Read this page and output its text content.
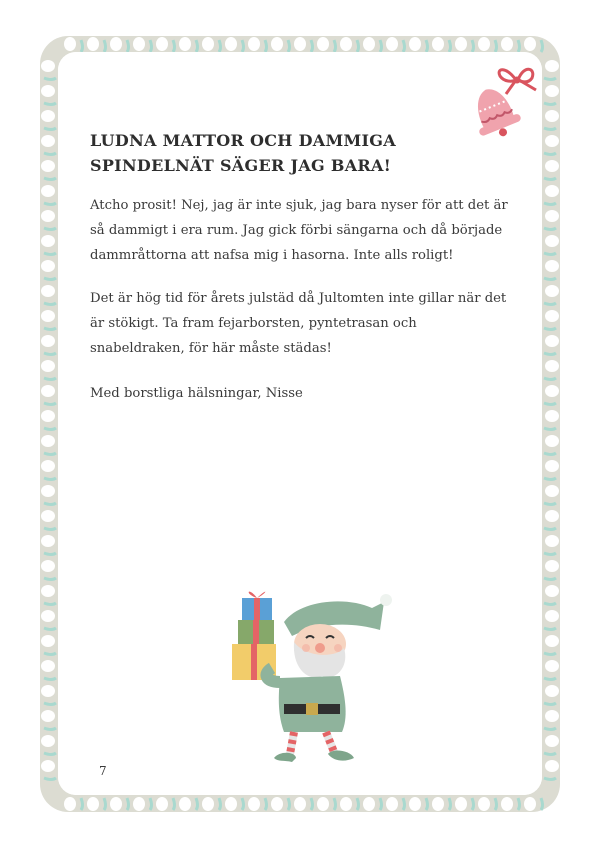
LUDNA MATTOR OCH DAMMIGA
SPINDELNÄT SÄGER JAG BARA!

Atcho prosit! Nej, jag är inte sjuk, jag bara nyser för att det är så dammigt i era rum. Jag gick förbi sängarna och då började dammråttorna att nafsa mig i hasorna. Inte alls roligt!

Det är hög tid för årets julstäd då Jultomten inte gillar när det är stökigt. Ta fram fejarborsten, pyntetrasan och snabeldraken, för här måste städas!

Med borstliga hälsningar, Nisse

7
